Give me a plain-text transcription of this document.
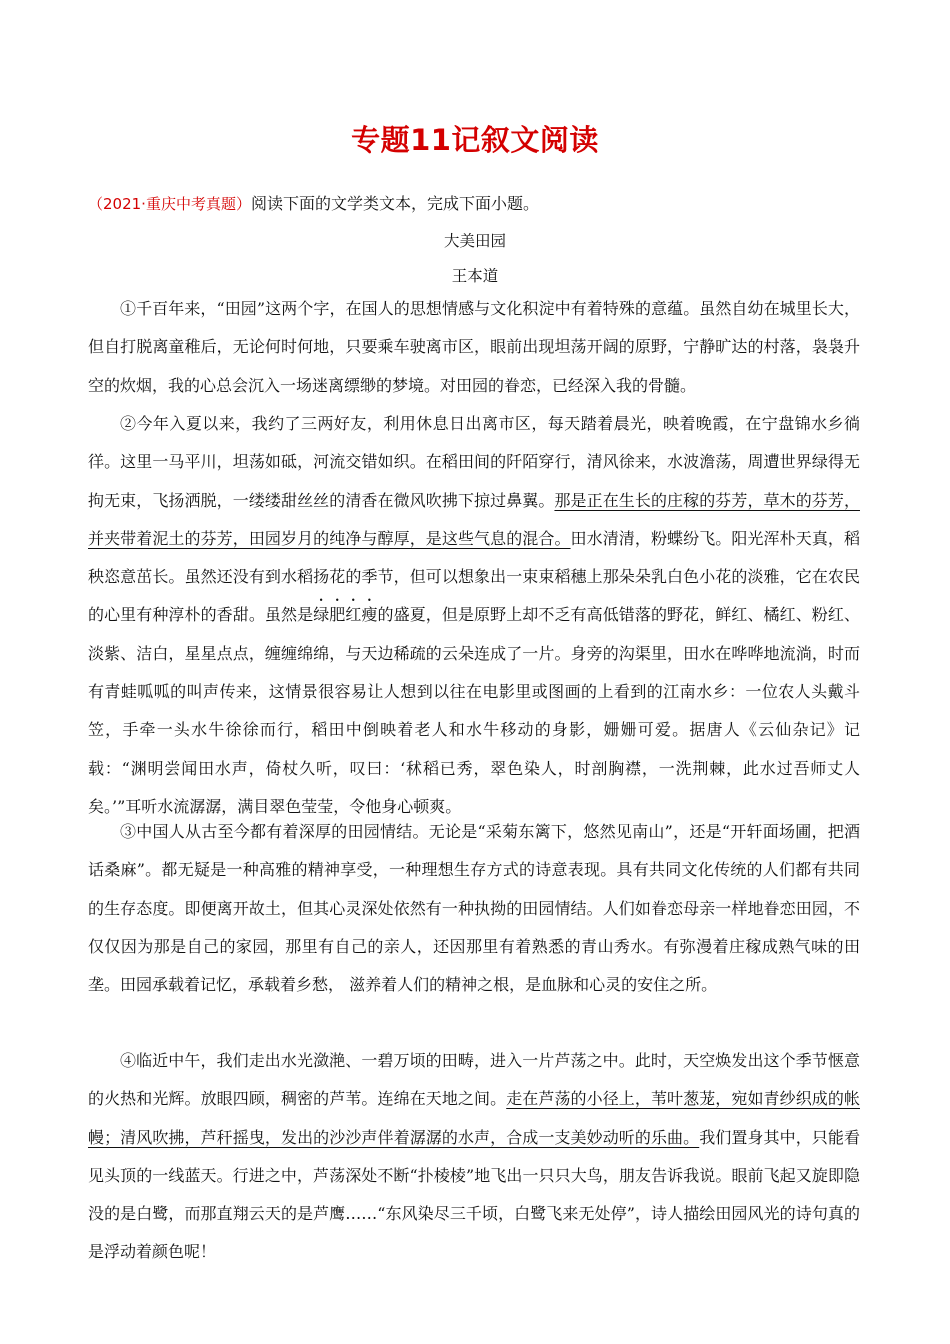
专题11记叙文阅读
（2021·重庆中考真题）阅读下面的文学类文本，完成下面小题。
大美田园
王本道
①千百年来，“田园”这两个字，在国人的思想情感与文化积淀中有着特殊的意蕴。虽然自幼在城里长大，但自打脱离童稚后，无论何时何地，只要乘车驶离市区，眼前出现坦荡开阔的原野，宁静旷达的村落，袅袅升空的炊烟，我的心总会沉入一场迷离缥缈的梦境。对田园的眷恋，已经深入我的骨髓。
②今年入夏以来，我约了三两好友，利用休息日出离市区，每天踏着晨光，映着晚霞，在宁盘锦水乡徜徉。这里一马平川，坦荡如砥，河流交错如织。在稻田间的阡陌穿行，清风徐来，水波澹荡，周遭世界绿得无拘无束，飞扬洒脱，一缕缕甜丝丝的清香在微风吹拂下掠过鼻翼。那是正在生长的庄稼的芬芳，草木的芬芳，并夹带着泥土的芬芳，田园岁月的纯净与醇厚，是这些气息的混合。田水清清，粉蝶纷飞。阳光浑朴天真，稻秧恣意茁长。虽然还没有到水稻扬花的季节，但可以想象出一束束稻穗上那朵朵乳白色小花的淡雅，它在农民的心里有种淳朴的香甜。虽然是绿肥红瘦的盛夏，但是原野上却不乏有高低错落的野花，鲜红、橘红、粉红、淡紫、洁白，星星点点，缠缠绵绵，与天边稀疏的云朵连成了一片。身旁的沟渠里，田水在哗哗地流淌，时而有青蛙呱呱的叫声传来，这情景很容易让人想到以往在电影里或图画的上看到的江南水乡：一位农人头戴斗笠，手牵一头水牛徐徐而行，稻田中倒映着老人和水牛移动的身影，姗姗可爱。据唐人《云仙杂记》记载：“渊明尝闻田水声，倚杖久听，叹曰：‘秫稻已秀，翠色染人，时剖胸襟，一洗荆棘，此水过吾师丈人矣。’”耳听水流潺潺，满目翠色莹莹，令他身心顿爽。
③中国人从古至今都有着深厚的田园情结。无论是“采菊东篱下，悠然见南山”，还是“开轩面场圃，把酒话桑麻”。都无疑是一种高雅的精神享受，一种理想生存方式的诗意表现。具有共同文化传统的人们都有共同的生存态度。即便离开故土，但其心灵深处依然有一种执拗的田园情结。人们如眷恋母亲一样地眷恋田园，不仅仅因为那是自己的家园，那里有自己的亲人，还因那里有着熟悉的青山秀水。有弥漫着庄稼成熟气味的田垄。田园承载着记忆，承载着乡愁， 滋养着人们的精神之根，是血脉和心灵的安住之所。
④临近中午，我们走出水光潋滟、一碧万顷的田畴，进入一片芦荡之中。此时，天空焕发出这个季节惬意的火热和光辉。放眼四顾，稠密的芦苇。连绵在天地之间。走在芦荡的小径上，苇叶葱茏，宛如青纱织成的帐幔；清风吹拂，芦秆摇曳，发出的沙沙声伴着潺潺的水声，合成一支美妙动听的乐曲。我们置身其中，只能看见头顶的一线蓝天。行进之中，芦荡深处不断“扑棱棱”地飞出一只只大鸟，朋友告诉我说。眼前飞起又旋即隐没的是白鹭，而那直翔云天的是芦鹰……“东风染尽三千顷，白鹭飞来无处停”，诗人描绘田园风光的诗句真的是浮动着颜色呢！
